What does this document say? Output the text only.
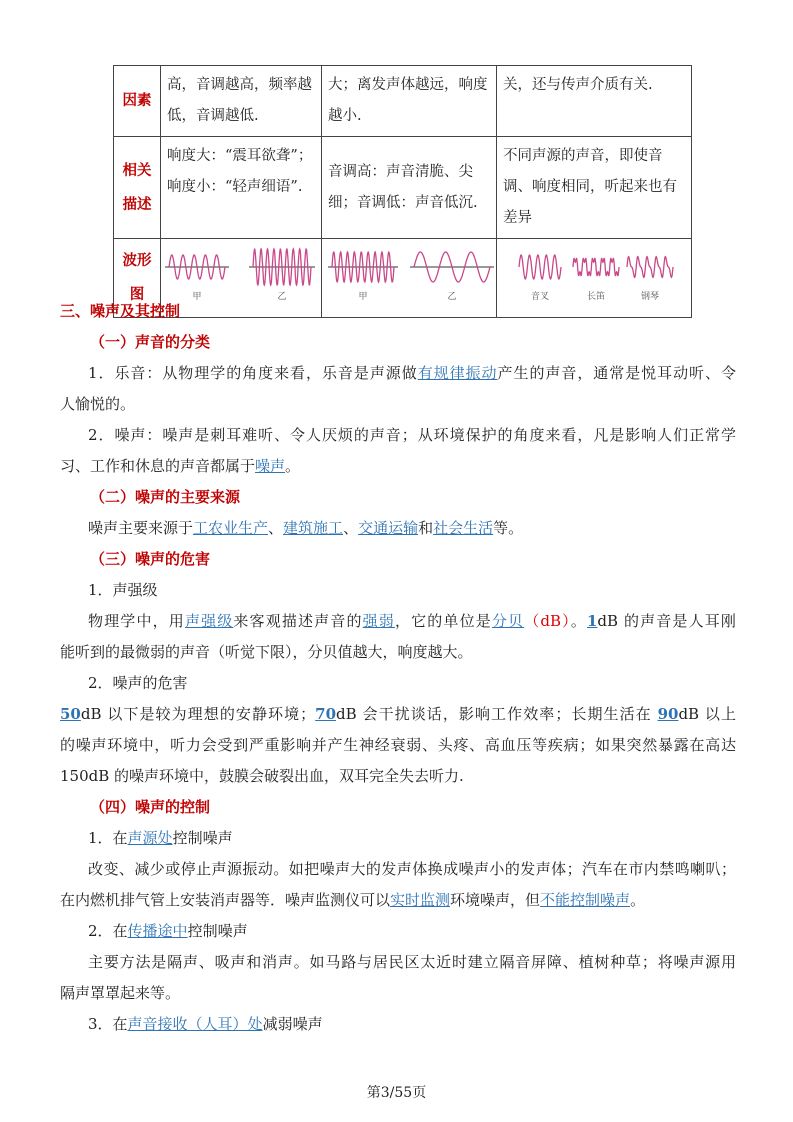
因素	高，音调越高，频率越低，音调越低.	大；离发声体越远，响度越小.	关，还与传声介质有关.
相关描述	响度大：“震耳欲聋”；响度小：“轻声细语”.	音调高：声音清脆、尖细；音调低：声音低沉.	不同声源的声音，即使音调、响度相同，听起来也有差异
波形图	甲 乙	甲 乙	音叉 长笛 钢琴
三、噪声及其控制
（一）声音的分类
1．乐音：从物理学的角度来看，乐音是声源做有规律振动产生的声音，通常是悦耳动听、令
人愉悦的。
2．噪声：噪声是刺耳难听、令人厌烦的声音；从环境保护的角度来看，凡是影响人们正常学
习、工作和休息的声音都属于噪声。
（二）噪声的主要来源
噪声主要来源于工农业生产、建筑施工、交通运输和社会生活等。
（三）噪声的危害
1．声强级
物理学中，用声强级来客观描述声音的强弱，它的单位是分贝（dB）。1dB 的声音是人耳刚
能听到的最微弱的声音（听觉下限），分贝值越大，响度越大。
2．噪声的危害
50dB 以下是较为理想的安静环境；70dB 会干扰谈话，影响工作效率；长期生活在 90dB 以上
的噪声环境中，听力会受到严重影响并产生神经衰弱、头疼、高血压等疾病；如果突然暴露在高达
150dB 的噪声环境中，鼓膜会破裂出血，双耳完全失去听力.
（四）噪声的控制
1．在声源处控制噪声
改变、减少或停止声源振动。如把噪声大的发声体换成噪声小的发声体；汽车在市内禁鸣喇叭；
在内燃机排气管上安装消声器等．噪声监测仪可以实时监测环境噪声，但不能控制噪声。
2．在传播途中控制噪声
主要方法是隔声、吸声和消声。如马路与居民区太近时建立隔音屏障、植树种草；将噪声源用
隔声罩罩起来等。
3．在声音接收（人耳）处减弱噪声
第3/55页
